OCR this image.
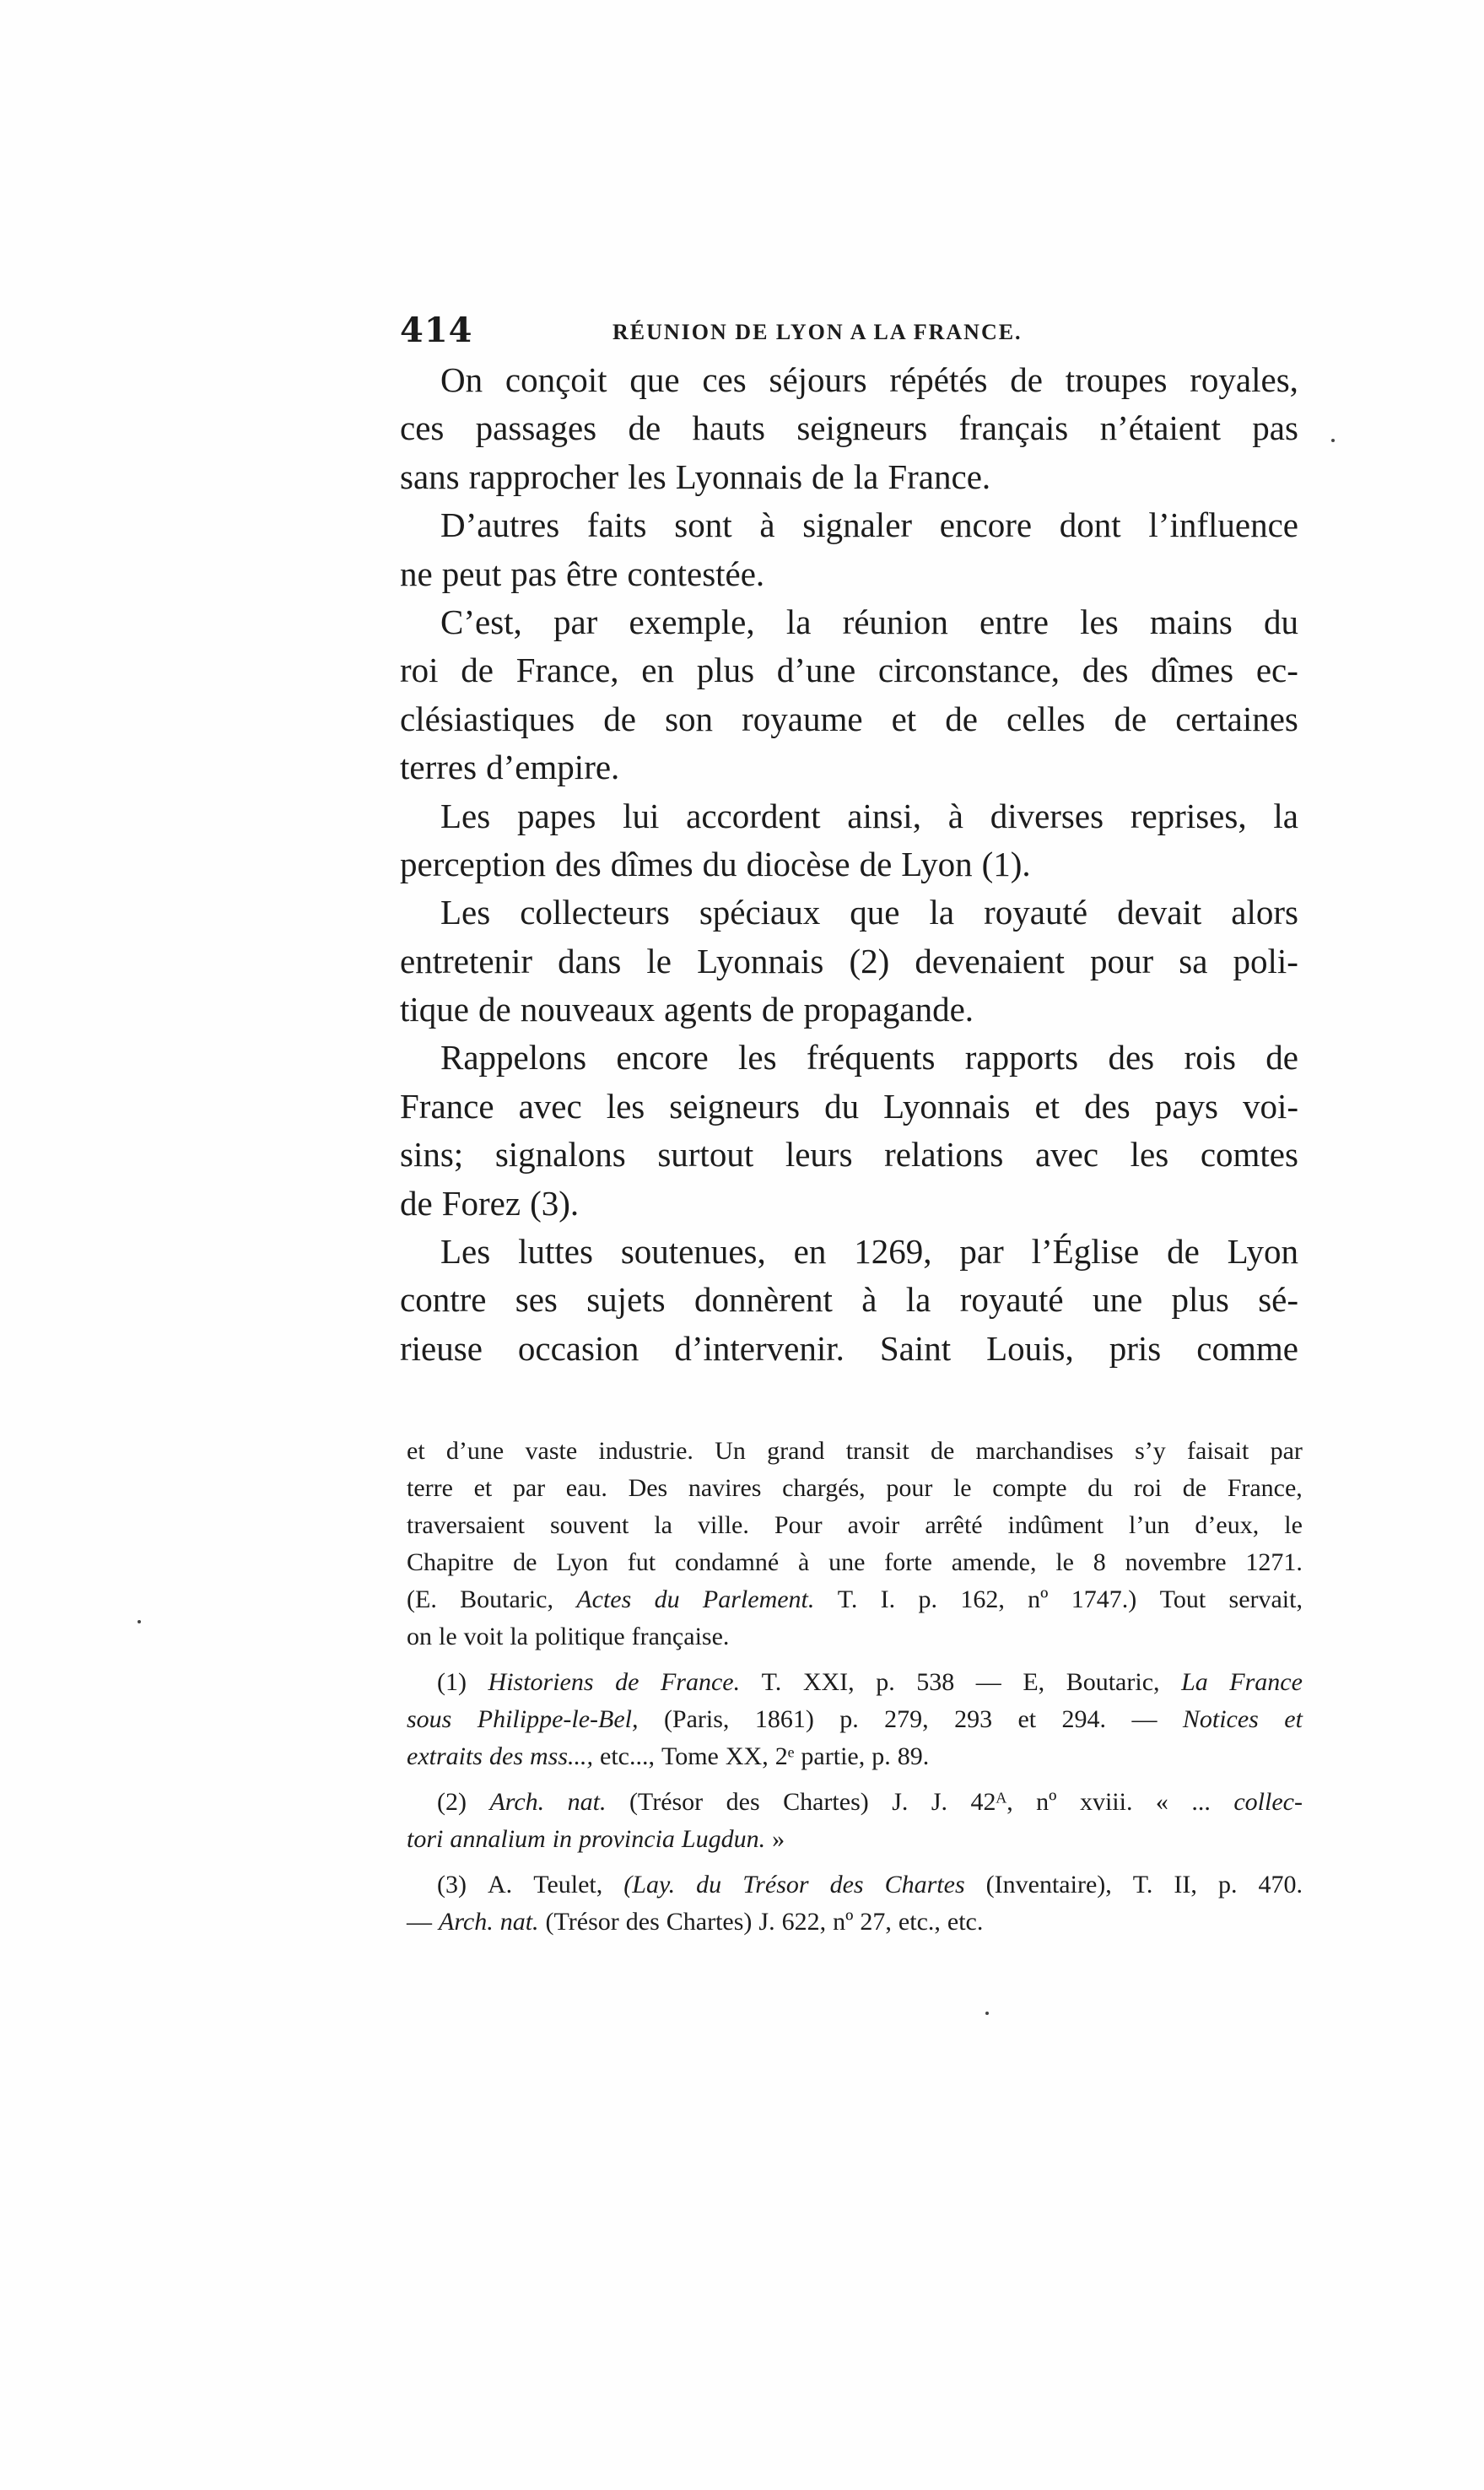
414	RÉUNION DE LYON A LA FRANCE.
On conçoit que ces séjours répétés de troupes royales,
ces passages de hauts seigneurs français n’étaient pas
sans rapprocher les Lyonnais de la France.
D’autres faits sont à signaler encore dont l’influence
ne peut pas être contestée.
C’est, par exemple, la réunion entre les mains du
roi de France, en plus d’une circonstance, des dîmes ec-
clésiastiques de son royaume et de celles de certaines
terres d’empire.
Les papes lui accordent ainsi, à diverses reprises, la
perception des dîmes du diocèse de Lyon (1).
Les collecteurs spéciaux que la royauté devait alors
entretenir dans le Lyonnais (2) devenaient pour sa poli-
tique de nouveaux agents de propagande.
Rappelons encore les fréquents rapports des rois de
France avec les seigneurs du Lyonnais et des pays voi-
sins; signalons surtout leurs relations avec les comtes
de Forez (3).
Les luttes soutenues, en 1269, par l’Église de Lyon
contre ses sujets donnèrent à la royauté une plus sé-
rieuse occasion d’intervenir. Saint Louis, pris comme
et d’une vaste industrie. Un grand transit de marchandises s’y faisait par
terre et par eau. Des navires chargés, pour le compte du roi de France,
traversaient souvent la ville. Pour avoir arrêté indûment l’un d’eux, le
Chapitre de Lyon fut condamné à une forte amende, le 8 novembre 1271.
(E. Boutaric, Actes du Parlement. T. I. p. 162, nº 1747.) Tout servait,
on le voit la politique française.
(1) Historiens de France. T. XXI, p. 538 — E, Boutaric, La France
sous Philippe-le-Bel, (Paris, 1861) p. 279, 293 et 294. — Notices et
extraits des mss..., etc..., Tome XX, 2ᵉ partie, p. 89.
(2) Arch. nat. (Trésor des Chartes) J. J. 42ᴬ, nº xviii. « ... collec-
tori annalium in provincia Lugdun. »
(3) A. Teulet, (Lay. du Trésor des Chartes (Inventaire), T. II, p. 470.
— Arch. nat. (Trésor des Chartes) J. 622, nº 27, etc., etc.
